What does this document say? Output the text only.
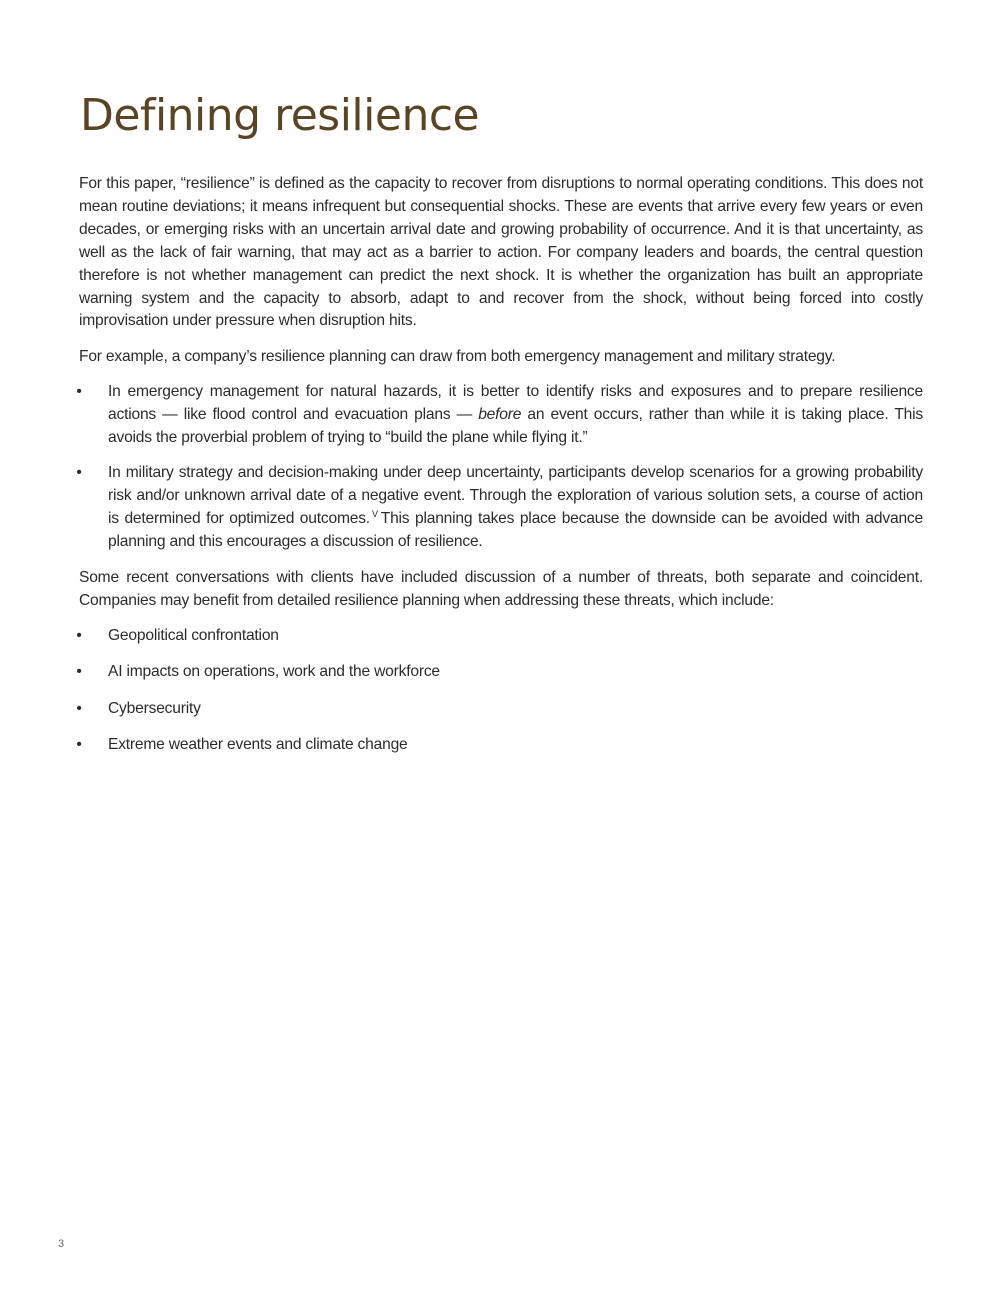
Defining resilience

For this paper, “resilience” is defined as the capacity to recover from disruptions to normal operating conditions. This does not mean routine deviations; it means infrequent but consequential shocks. These are events that arrive every few years or even decades, or emerging risks with an uncertain arrival date and growing probability of occurrence. And it is that uncertainty, as well as the lack of fair warning, that may act as a barrier to action. For company leaders and boards, the central question therefore is not whether management can predict the next shock. It is whether the organization has built an appropriate warning system and the capacity to absorb, adapt to and recover from the shock, without being forced into costly improvisation under pressure when disruption hits.

For example, a company’s resilience planning can draw from both emergency management and military strategy.

• In emergency management for natural hazards, it is better to identify risks and exposures and to prepare resilience actions — like flood control and evacuation plans — before an event occurs, rather than while it is taking place. This avoids the proverbial problem of trying to “build the plane while flying it.”
• In military strategy and decision-making under deep uncertainty, participants develop scenarios for a growing probability risk and/or unknown arrival date of a negative event. Through the exploration of various solution sets, a course of action is determined for optimized outcomes. $^V$ This planning takes place because the downside can be avoided with advance planning and this encourages a discussion of resilience.

Some recent conversations with clients have included discussion of a number of threats, both separate and coincident. Companies may benefit from detailed resilience planning when addressing these threats, which include:

• Geopolitical confrontation
• AI impacts on operations, work and the workforce
• Cybersecurity
• Extreme weather events and climate change
3
